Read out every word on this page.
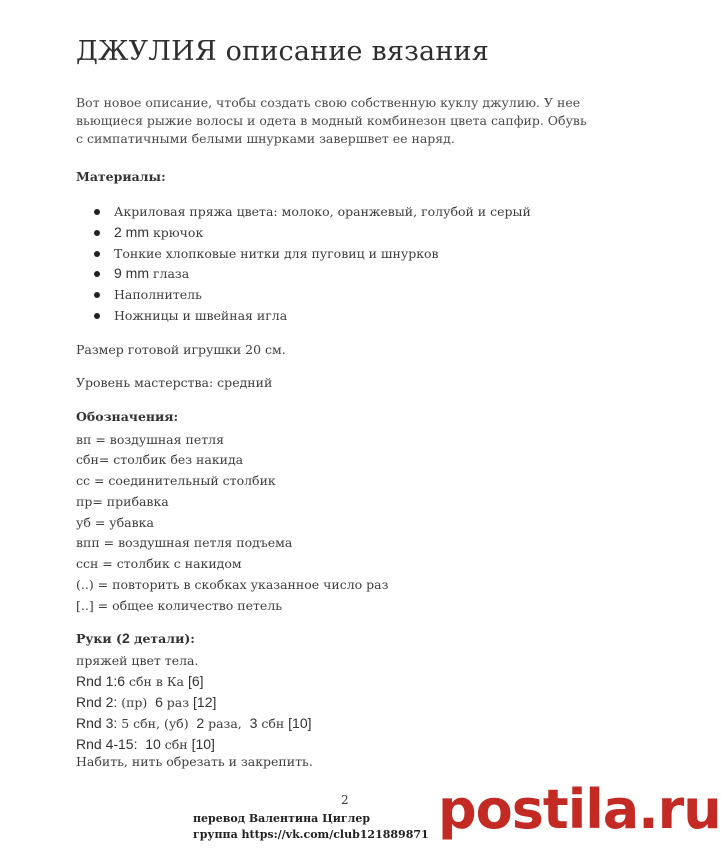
ДЖУЛИЯ описание вязания
Вот новое описание, чтобы создать свою собственную куклу джулию. У нее вьющиеся рыжие волосы и одета в модный комбинезон цвета сапфир. Обувь с симпатичными белыми шнурками завершвет ее наряд.
Материалы:
Акриловая пряжа цвета: молоко, оранжевый, голубой и серый
2 mm крючок
Тонкие хлопковые нитки для пуговиц и шнурков
9 mm глаза
Наполнитель
Ножницы и швейная игла
Размер готовой игрушки 20 см.
Уровень мастерства: средний
Обозначения:
вп = воздушная петля
сбн= столбик без накида
сс = соединительный столбик
пр= прибавка
уб = убавка
впп = воздушная петля подъема
ссн = столбик с накидом
(..) = повторить в скобках указанное число раз
[..] = общее количество петель
Руки (2 детали):
пряжей цвет тела.
Rnd 1:6 сбн в Ка [6]
Rnd 2: (пр)  6 раз [12]
Rnd 3: 5 сбн, (уб)  2 раза,  3 сбн [10]
Rnd 4-15:  10 сбн [10]
Набить, нить обрезать и закрепить.
2
перевод Валентина Циглер
группа https://vk.com/club121889871 postila.ru
